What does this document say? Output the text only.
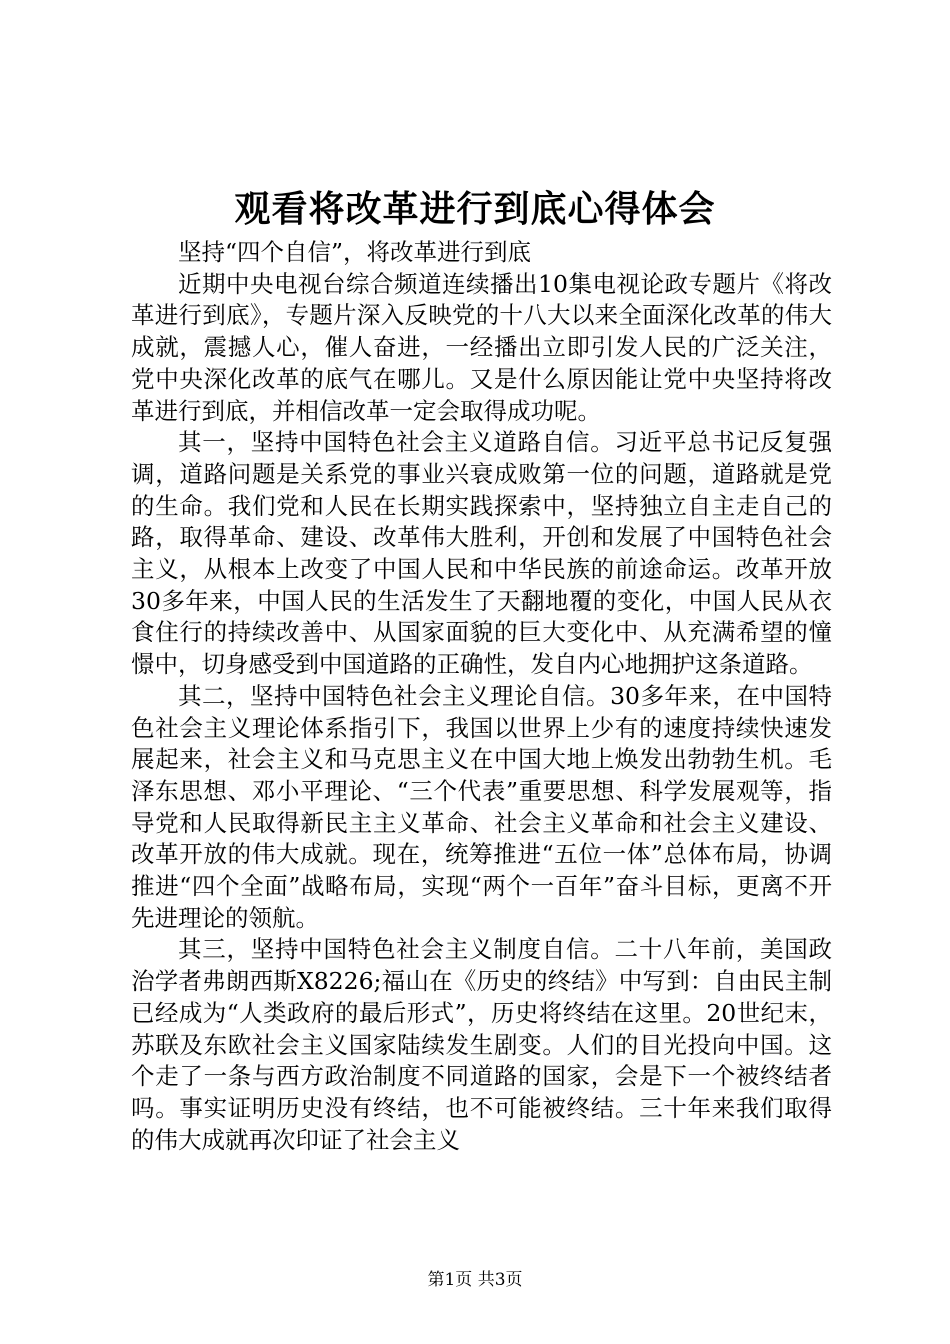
观看将改革进行到底心得体会

坚持“四个自信”，将改革进行到底

近期中央电视台综合频道连续播出10集电视论政专题片《将改革进行到底》，专题片深入反映党的十八大以来全面深化改革的伟大成就，震撼人心，催人奋进，一经播出立即引发人民的广泛关注，党中央深化改革的底气在哪儿。又是什么原因能让党中央坚持将改革进行到底，并相信改革一定会取得成功呢。

其一，坚持中国特色社会主义道路自信。习近平总书记反复强调，道路问题是关系党的事业兴衰成败第一位的问题，道路就是党的生命。我们党和人民在长期实践探索中，坚持独立自主走自己的路，取得革命、建设、改革伟大胜利，开创和发展了中国特色社会主义，从根本上改变了中国人民和中华民族的前途命运。改革开放30多年来，中国人民的生活发生了天翻地覆的变化，中国人民从衣食住行的持续改善中、从国家面貌的巨大变化中、从充满希望的憧憬中，切身感受到中国道路的正确性，发自内心地拥护这条道路。

其二，坚持中国特色社会主义理论自信。30多年来，在中国特色社会主义理论体系指引下，我国以世界上少有的速度持续快速发展起来，社会主义和马克思主义在中国大地上焕发出勃勃生机。毛泽东思想、邓小平理论、“三个代表”重要思想、科学发展观等，指导党和人民取得新民主主义革命、社会主义革命和社会主义建设、改革开放的伟大成就。现在，统筹推进“五位一体”总体布局，协调推进“四个全面”战略布局，实现“两个一百年”奋斗目标，更离不开先进理论的领航。

其三，坚持中国特色社会主义制度自信。二十八年前，美国政治学者弗朗西斯X8226;福山在《历史的终结》中写到：自由民主制已经成为“人类政府的最后形式”，历史将终结在这里。20世纪末，苏联及东欧社会主义国家陆续发生剧变。人们的目光投向中国。这个走了一条与西方政治制度不同道路的国家，会是下一个被终结者吗。事实证明历史没有终结，也不可能被终结。三十年来我们取得的伟大成就再次印证了社会主义

第1页 共3页
